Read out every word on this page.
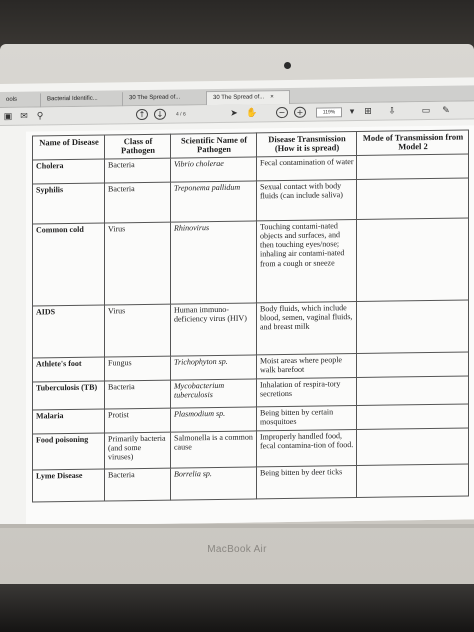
ools	Bacterial Identific...	30 The Spread of...	30 The Spread of... ×
▣ ✉ ⚲	↑	↓	4 / 6	➤ ✋	−	+	119%	▾	⊞ ⇩	▭ ✎
Name of Disease	Class of Pathogen	Scientific Name of Pathogen	Disease Transmission (How it is spread)	Mode of Transmission from Model 2
Cholera	Bacteria	Vibrio cholerae	Fecal contamination of water	
Syphilis	Bacteria	Treponema pallidum	Sexual contact with body fluids (can include saliva)	
Common cold	Virus	Rhinovirus	Touching contami-nated objects and surfaces, and then touching eyes/nose; inhaling air contami-nated from a cough or sneeze	
AIDS	Virus	Human immuno-deficiency virus (HIV)	Body fluids, which include blood, semen, vaginal fluids, and breast milk	
Athlete's foot	Fungus	Trichophyton sp.	Moist areas where people walk barefoot	
Tuberculosis (TB)	Bacteria	Mycobacterium tuberculosis	Inhalation of respira-tory secretions	
Malaria	Protist	Plasmodium sp.	Being bitten by certain mosquitoes	
Food poisoning	Primarily bacteria (and some viruses)	Salmonella is a common cause	Improperly handled food, fecal contamina-tion of food.	
Lyme Disease	Bacteria	Borrelia sp.	Being bitten by deer ticks	
MacBook Air
